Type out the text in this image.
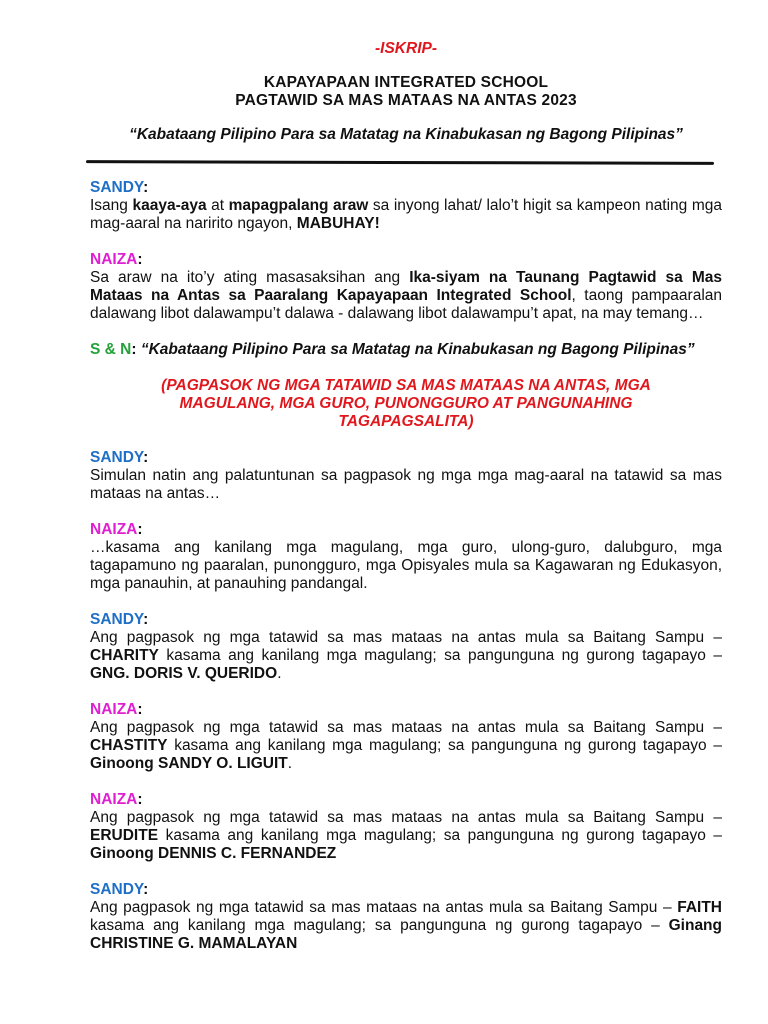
-ISKRIP-

KAPAYAPAAN INTEGRATED SCHOOL
PAGTAWID SA MAS MATAAS NA ANTAS 2023

“Kabataang Pilipino Para sa Matatag na Kinabukasan ng Bagong Pilipinas”

SANDY:

Isang kaaya-aya at mapagpalang araw sa inyong lahat/ lalo’t higit sa kampeon nating mga mag-aaral na naririto ngayon, MABUHAY!

NAIZA:

Sa araw na ito’y ating masasaksihan ang Ika-siyam na Taunang Pagtawid sa Mas Mataas na Antas sa Paaralang Kapayapaan Integrated School, taong pampaaralan dalawang libot dalawampu’t dalawa - dalawang libot dalawampu’t apat, na may temang…

S & N: “Kabataang Pilipino Para sa Matatag na Kinabukasan ng Bagong Pilipinas”

(PAGPASOK NG MGA TATAWID SA MAS MATAAS NA ANTAS, MGA
MAGULANG, MGA GURO, PUNONGGURO AT PANGUNAHING
TAGAPAGSALITA)

SANDY:

Simulan natin ang palatuntunan sa pagpasok ng mga mga mag-aaral na tatawid sa mas mataas na antas…

NAIZA:

…kasama ang kanilang mga magulang, mga guro, ulong-guro, dalubguro, mga tagapamuno ng paaralan, punongguro, mga Opisyales mula sa Kagawaran ng Edukasyon, mga panauhin, at panauhing pandangal.

SANDY:

Ang pagpasok ng mga tatawid sa mas mataas na antas mula sa Baitang Sampu – CHARITY kasama ang kanilang mga magulang; sa pangunguna ng gurong tagapayo – GNG. DORIS V. QUERIDO.

NAIZA:

Ang pagpasok ng mga tatawid sa mas mataas na antas mula sa Baitang Sampu – CHASTITY kasama ang kanilang mga magulang; sa pangunguna ng gurong tagapayo – Ginoong SANDY O. LIGUIT.

NAIZA:

Ang pagpasok ng mga tatawid sa mas mataas na antas mula sa Baitang Sampu – ERUDITE kasama ang kanilang mga magulang; sa pangunguna ng gurong tagapayo – Ginoong DENNIS C. FERNANDEZ

SANDY:

Ang pagpasok ng mga tatawid sa mas mataas na antas mula sa Baitang Sampu – FAITH kasama ang kanilang mga magulang; sa pangunguna ng gurong tagapayo – Ginang CHRISTINE G. MAMALAYAN
